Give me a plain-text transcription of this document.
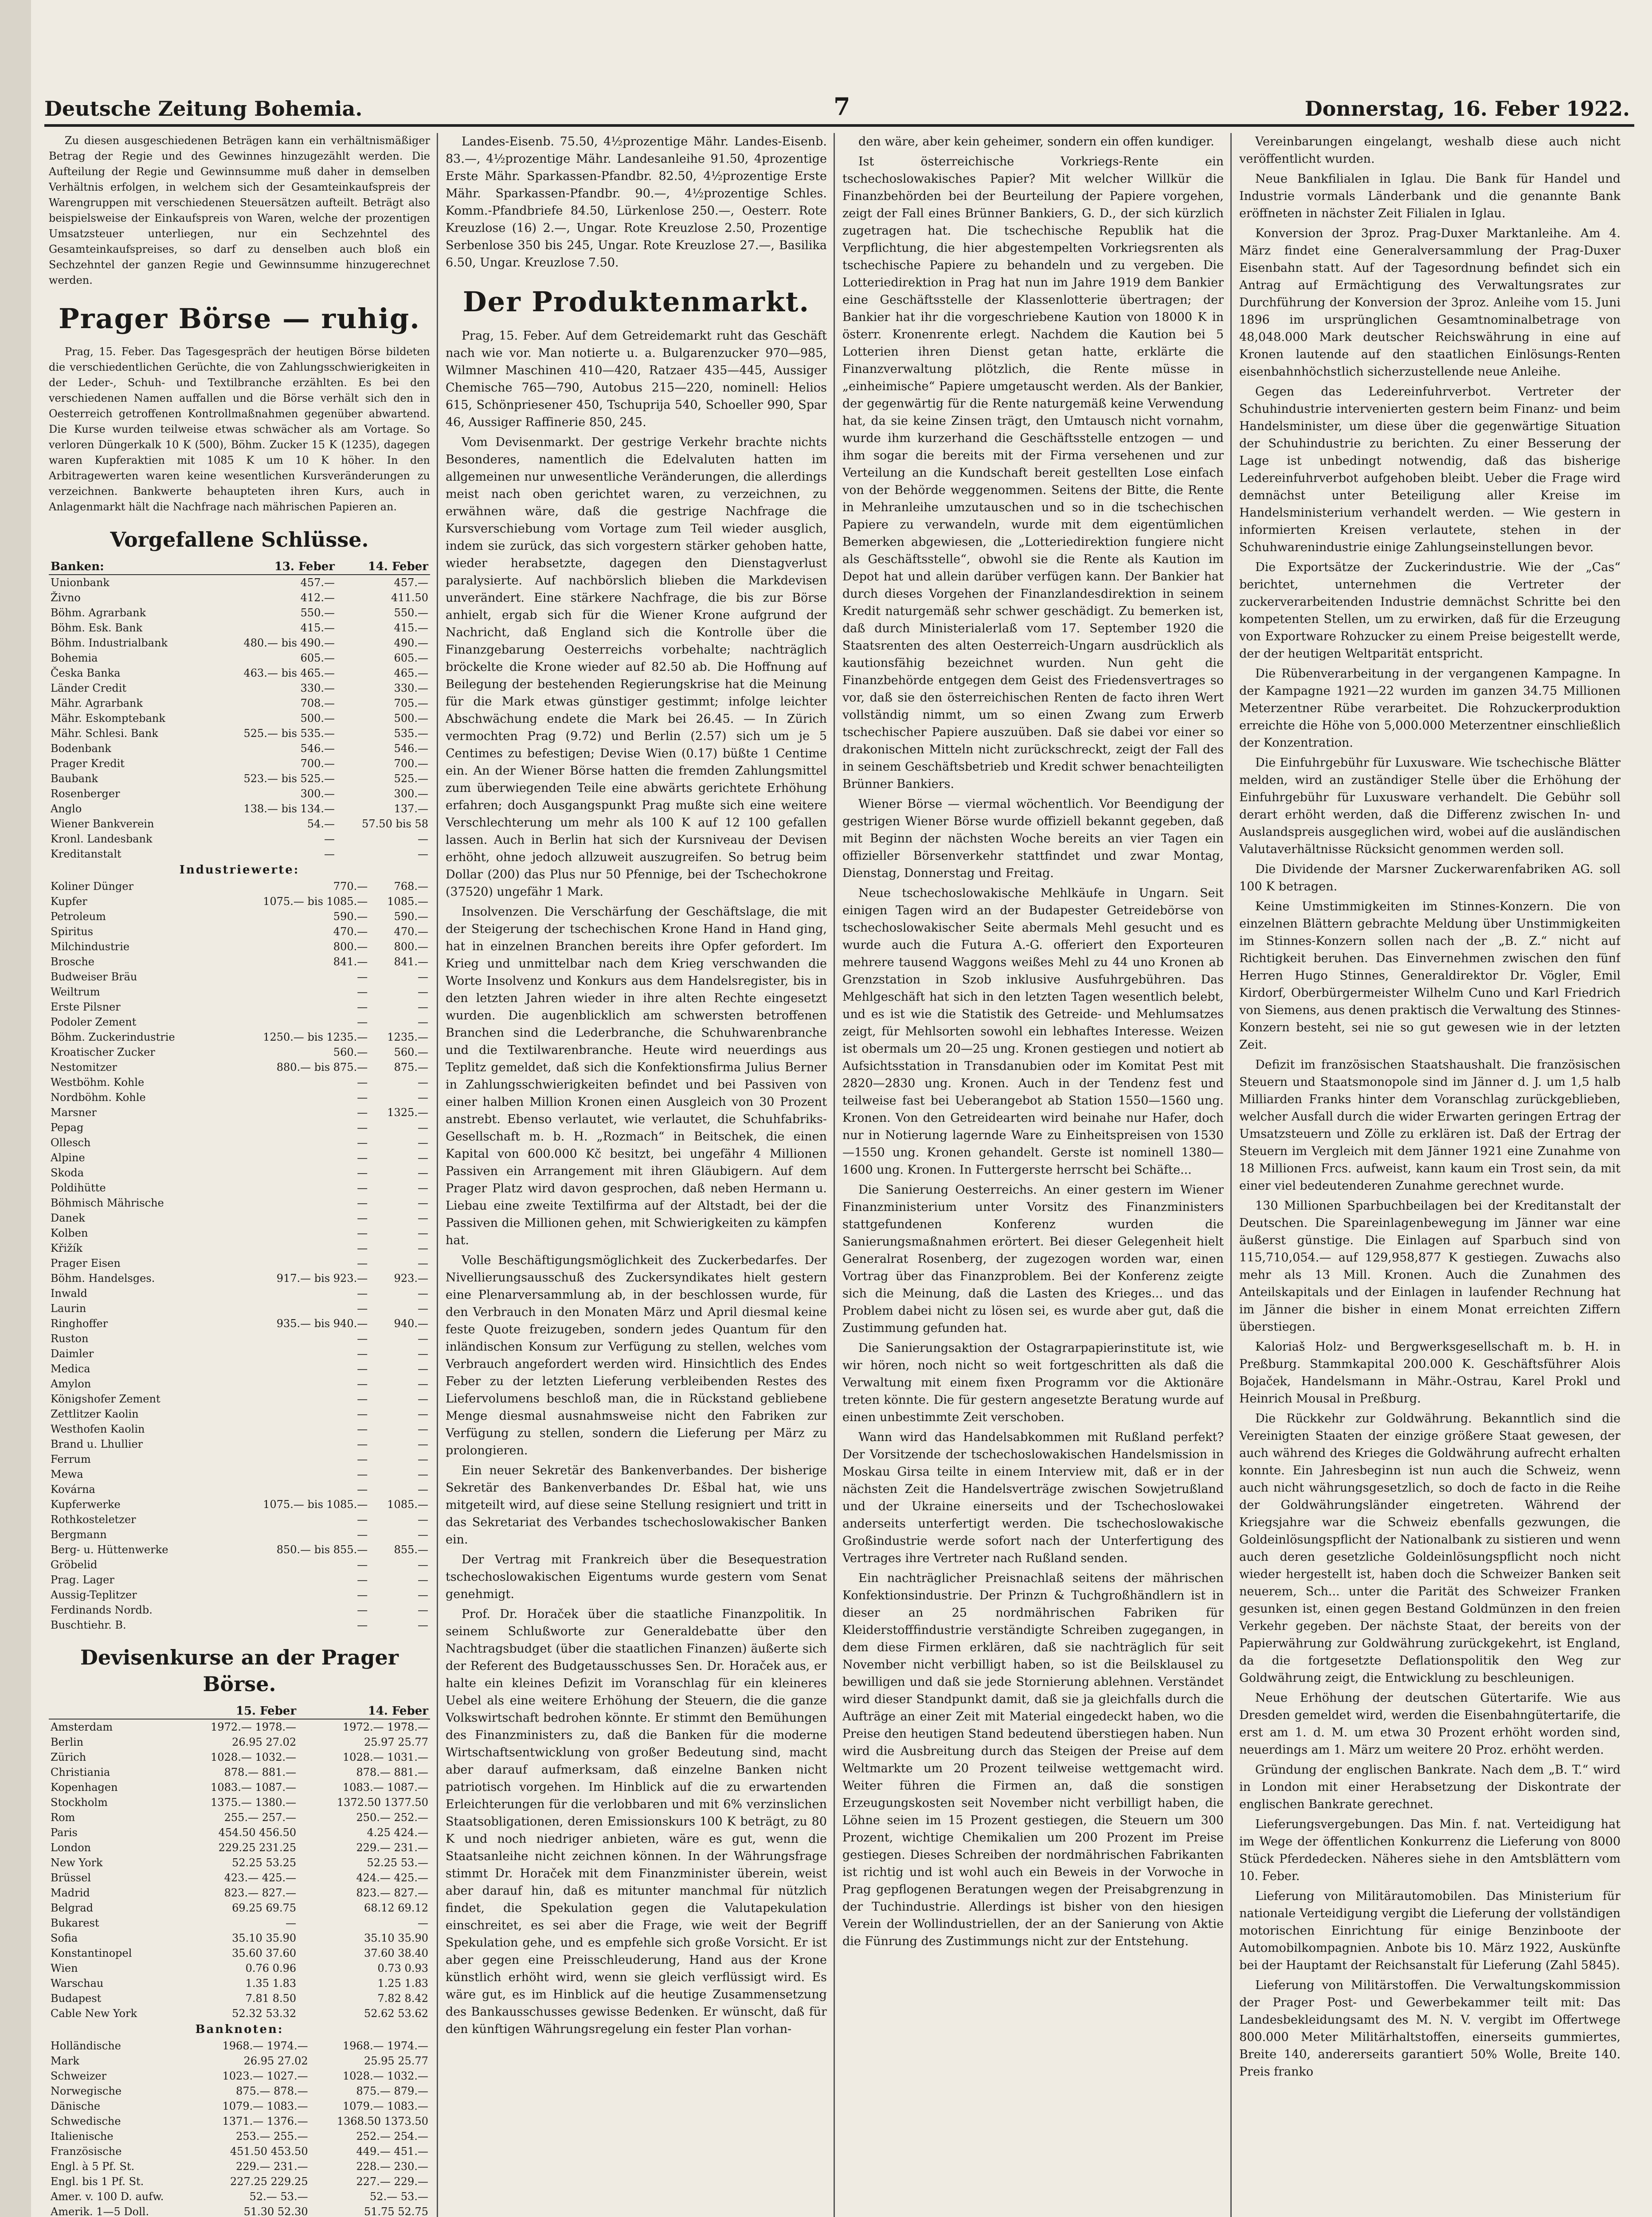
Deutsche Zeitung Bohemia.	7	Donnerstag, 16. Feber 1922.

Zu diesen ausgeschiedenen Beträgen kann ein verhältnismäßiger Betrag der Regie und des Gewinnes hinzugezählt werden. Die Aufteilung der Regie und Gewinnsumme muß daher in demselben Verhältnis erfolgen, in welchem sich der Gesamteinkaufspreis der Warengruppen mit verschiedenen Steuersätzen aufteilt. Beträgt also beispielsweise der Einkaufspreis von Waren, welche der prozentigen Umsatzsteuer unterliegen, nur ein Sechzehntel des Gesamteinkaufspreises, so darf zu denselben auch bloß ein Sechzehntel der ganzen Regie und Gewinnsumme hinzugerechnet werden.

Prager Börse — ruhig.

Prag, 15. Feber. Das Tagesgespräch der heutigen Börse bildeten die verschiedentlichen Gerüchte, die von Zahlungsschwierigkeiten in der Leder-, Schuh- und Textilbranche erzählten. Es bei den verschiedenen Namen auffallen und die Börse verhält sich den in Oesterreich getroffenen Kontrollmaßnahmen gegenüber abwartend. Die Kurse wurden teilweise etwas schwächer als am Vortage. So verloren Düngerkalk 10 K (500), Böhm. Zucker 15 K (1235), dagegen waren Kupferaktien mit 1085 K um 10 K höher. In den Arbitragewerten waren keine wesentlichen Kursveränderungen zu verzeichnen. Bankwerte behaupteten ihren Kurs, auch in Anlagenmarkt hält die Nachfrage nach mährischen Papieren an.

Vorgefallene Schlüsse.
Banken:	13. Feber	14. Feber
Unionbank	457.—	457.—
Živno	412.—	411.50
Böhm. Agrarbank	550.—	550.—
Böhm. Esk. Bank	415.—	415.—
Böhm. Industrialbank	480.— bis 490.—	490.—
Bohemia	605.—	605.—
Česka Banka	463.— bis 465.—	465.—
Länder Credit	330.—	330.—
Mähr. Agrarbank	708.—	705.—
Mähr. Eskomptebank	500.—	500.—
Mähr. Schlesi. Bank	525.— bis 535.—	535.—
Bodenbank	546.—	546.—
Prager Kredit	700.—	700.—
Baubank	523.— bis 525.—	525.—
Rosenberger	300.—	300.—
Anglo	138.— bis 134.—	137.—
Wiener Bankverein	54.—	57.50 bis 58
Kronl. Landesbank	—	—
Kreditanstalt	—	—
Industriewerte:
Koliner Dünger	770.—	768.—
Kupfer	1075.— bis 1085.—	1085.—
Petroleum	590.—	590.—
Spiritus	470.—	470.—
Milchindustrie	800.—	800.—
Brosche	841.—	841.—
Budweiser Bräu	—	—
Weiltrum	—	—
Erste Pilsner	—	—
Podoler Zement	—	—
Böhm. Zuckerindustrie	1250.— bis 1235.—	1235.—
Kroatischer Zucker	560.—	560.—
Nestomitzer	880.— bis 875.—	875.—
Westböhm. Kohle	—	—
Nordböhm. Kohle	—	—
Marsner	—	1325.—
Pepag	—	—
Ollesch	—	—
Alpine	—	—
Skoda	—	—
Poldihütte	—	—
Böhmisch Mährische	—	—
Danek	—	—
Kolben	—	—
Křižík	—	—
Prager Eisen	—	—
Böhm. Handelsges.	917.— bis 923.—	923.—
Inwald	—	—
Laurin	—	—
Ringhoffer	935.— bis 940.—	940.—
Ruston	—	—
Daimler	—	—
Medica	—	—
Amylon	—	—
Königshofer Zement	—	—
Zettlitzer Kaolin	—	—
Westhofen Kaolin	—	—
Brand u. Lhullier	—	—
Ferrum	—	—
Mewa	—	—
Kovárna	—	—
Kupferwerke	1075.— bis 1085.—	1085.—
Rothkosteletzer	—	—
Bergmann	—	—
Berg- u. Hüttenwerke	850.— bis 855.—	855.—
Gröbelid	—	—
Prag. Lager	—	—
Aussig-Teplitzer	—	—
Ferdinands Nordb.	—	—
Buschtiehr. B.	—	—
Devisenkurse an der Prager Börse.
	15. Feber	14. Feber
Amsterdam	1972.— 1978.—	1972.— 1978.—
Berlin	26.95 27.02	25.97 25.77
Zürich	1028.— 1032.—	1028.— 1031.—
Christiania	878.— 881.—	878.— 881.—
Kopenhagen	1083.— 1087.—	1083.— 1087.—
Stockholm	1375.— 1380.—	1372.50 1377.50
Rom	255.— 257.—	250.— 252.—
Paris	454.50 456.50	4.25 424.—
London	229.25 231.25	229.— 231.—
New York	52.25 53.25	52.25 53.—
Brüssel	423.— 425.—	424.— 425.—
Madrid	823.— 827.—	823.— 827.—
Belgrad	69.25 69.75	68.12 69.12
Bukarest	—	—
Sofia	35.10 35.90	35.10 35.90
Konstantinopel	35.60 37.60	37.60 38.40
Wien	0.76 0.96	0.73 0.93
Warschau	1.35 1.83	1.25 1.83
Budapest	7.81 8.50	7.82 8.42
Cable New York	52.32 53.32	52.62 53.62
Banknoten:
Holländische	1968.— 1974.—	1968.— 1974.—
Mark	26.95 27.02	25.95 25.77
Schweizer	1023.— 1027.—	1028.— 1032.—
Norwegische	875.— 878.—	875.— 879.—
Dänische	1079.— 1083.—	1079.— 1083.—
Schwedische	1371.— 1376.—	1368.50 1373.50
Italienische	253.— 255.—	252.— 254.—
Französische	451.50 453.50	449.— 451.—
Engl. à 5 Pf. St.	229.— 231.—	228.— 230.—
Engl. bis 1 Pf. St.	227.25 229.25	227.— 229.—
Amer. v. 100 D. aufw.	52.— 53.—	52.— 53.—
Amerik. 1—5 Doll.	51.30 52.30	51.75 52.75

Landes-Eisenb. 75.50, 4½prozentige Mähr. Landes-Eisenb. 83.—, 4½prozentige Mähr. Landesanleihe 91.50, 4prozentige Erste Mähr. Sparkassen-Pfandbr. 82.50, 4½prozentige Erste Mähr. Sparkassen-Pfandbr. 90.—, 4½prozentige Schles. Komm.-Pfandbriefe 84.50, Lürkenlose 250.—, Oesterr. Rote Kreuzlose (16) 2.—, Ungar. Rote Kreuzlose 2.50, Prozentige Serbenlose 350 bis 245, Ungar. Rote Kreuzlose 27.—, Basilika 6.50, Ungar. Kreuzlose 7.50.

Der Produktenmarkt.

Prag, 15. Feber. Auf dem Getreidemarkt ruht das Geschäft nach wie vor. Man notierte u. a. Bulgarenzucker 970—985, Wilmner Maschinen 410—420, Ratzaer 435—445, Aussiger Chemische 765—790, Autobus 215—220, nominell: Helios 615, Schönpriesener 450, Tschuprija 540, Schoeller 990, Spar 46, Aussiger Raffinerie 850, 245.

Vom Devisenmarkt. Der gestrige Verkehr brachte nichts Besonderes, namentlich die Edelvaluten hatten im allgemeinen nur unwesentliche Veränderungen, die allerdings meist nach oben gerichtet waren, zu verzeichnen, zu erwähnen wäre, daß die gestrige Nachfrage die Kursverschiebung vom Vortage zum Teil wieder ausglich, indem sie zurück, das sich vorgestern stärker gehoben hatte, wieder herabsetzte, dagegen den Dienstagverlust paralysierte. Auf nachbörslich blieben die Markdevisen unverändert. Eine stärkere Nachfrage, die bis zur Börse anhielt, ergab sich für die Wiener Krone aufgrund der Nachricht, daß England sich die Kontrolle über die Finanzgebarung Oesterreichs vorbehalte; nachträglich bröckelte die Krone wieder auf 82.50 ab. Die Hoffnung auf Beilegung der bestehenden Regierungskrise hat die Meinung für die Mark etwas günstiger gestimmt; infolge leichter Abschwächung endete die Mark bei 26.45. — In Zürich vermochten Prag (9.72) und Berlin (2.57) sich um je 5 Centimes zu befestigen; Devise Wien (0.17) büßte 1 Centime ein. An der Wiener Börse hatten die fremden Zahlungsmittel zum überwiegenden Teile eine abwärts gerichtete Erhöhung erfahren; doch Ausgangspunkt Prag mußte sich eine weitere Verschlechterung um mehr als 100 K auf 12 100 gefallen lassen. Auch in Berlin hat sich der Kursniveau der Devisen erhöht, ohne jedoch allzuweit auszugreifen. So betrug beim Dollar (200) das Plus nur 50 Pfennige, bei der Tschechokrone (37520) ungefähr 1 Mark.

Insolvenzen. Die Verschärfung der Geschäftslage, die mit der Steigerung der tschechischen Krone Hand in Hand ging, hat in einzelnen Branchen bereits ihre Opfer gefordert. Im Krieg und unmittelbar nach dem Krieg verschwanden die Worte Insolvenz und Konkurs aus dem Handelsregister, bis in den letzten Jahren wieder in ihre alten Rechte eingesetzt wurden. Die augenblicklich am schwersten betroffenen Branchen sind die Lederbranche, die Schuhwarenbranche und die Textilwarenbranche. Heute wird neuerdings aus Teplitz gemeldet, daß sich die Konfektionsfirma Julius Berner in Zahlungsschwierigkeiten befindet und bei Passiven von einer halben Million Kronen einen Ausgleich von 30 Prozent anstrebt. Ebenso verlautet, wie verlautet, die Schuhfabriks-Gesellschaft m. b. H. „Rozmach“ in Beitschek, die einen Kapital von 600.000 Kč besitzt, bei ungefähr 4 Millionen Passiven ein Arrangement mit ihren Gläubigern. Auf dem Prager Platz wird davon gesprochen, daß neben Hermann u. Liebau eine zweite Textilfirma auf der Altstadt, bei der die Passiven die Millionen gehen, mit Schwierigkeiten zu kämpfen hat.

Volle Beschäftigungsmöglichkeit des Zuckerbedarfes. Der Nivellierungsausschuß des Zuckersyndikates hielt gestern eine Plenarversammlung ab, in der beschlossen wurde, für den Verbrauch in den Monaten März und April diesmal keine feste Quote freizugeben, sondern jedes Quantum für den inländischen Konsum zur Verfügung zu stellen, welches vom Verbrauch angefordert werden wird. Hinsichtlich des Endes Feber zu der letzten Lieferung verbleibenden Restes des Liefervolumens beschloß man, die in Rückstand gebliebene Menge diesmal ausnahmsweise nicht den Fabriken zur Verfügung zu stellen, sondern die Lieferung per März zu prolongieren.

Ein neuer Sekretär des Bankenverbandes. Der bisherige Sekretär des Bankenverbandes Dr. Ešbal hat, wie uns mitgeteilt wird, auf diese seine Stellung resigniert und tritt in das Sekretariat des Verbandes tschechoslowakischer Banken ein.

Der Vertrag mit Frankreich über die Besequestration tschechoslowakischen Eigentums wurde gestern vom Senat genehmigt.

Prof. Dr. Horaček über die staatliche Finanzpolitik. In seinem Schlußworte zur Generaldebatte über den Nachtragsbudget (über die staatlichen Finanzen) äußerte sich der Referent des Budgetausschusses Sen. Dr. Horaček aus, er halte ein kleines Defizit im Voranschlag für ein kleineres Uebel als eine weitere Erhöhung der Steuern, die die ganze Volkswirtschaft bedrohen könnte. Er stimmt den Bemühungen des Finanzministers zu, daß die Banken für die moderne Wirtschaftsentwicklung von großer Bedeutung sind, macht aber darauf aufmerksam, daß einzelne Banken nicht patriotisch vorgehen. Im Hinblick auf die zu erwartenden Erleichterungen für die verlobbaren und mit 6% verzinslichen Staatsobligationen, deren Emissionskurs 100 K beträgt, zu 80 K und noch niedriger anbieten, wäre es gut, wenn die Staatsanleihe nicht zeichnen können. In der Währungsfrage stimmt Dr. Horaček mit dem Finanzminister überein, weist aber darauf hin, daß es mitunter manchmal für nützlich findet, die Spekulation gegen die Valutapekulation einschreitet, es sei aber die Frage, wie weit der Begriff Spekulation gehe, und es empfehle sich große Vorsicht. Er ist aber gegen eine Preisschleuderung, Hand aus der Krone künstlich erhöht wird, wenn sie gleich verflüssigt wird. Es wäre gut, es im Hinblick auf die heutige Zusammensetzung des Bankausschusses gewisse Bedenken. Er wünscht, daß für den künftigen Währungsregelung ein fester Plan vorhan-

den wäre, aber kein geheimer, sondern ein offen kundiger.

Ist österreichische Vorkriegs-Rente ein tschechoslowakisches Papier? Mit welcher Willkür die Finanzbehörden bei der Beurteilung der Papiere vorgehen, zeigt der Fall eines Brünner Bankiers, G. D., der sich kürzlich zugetragen hat. Die tschechische Republik hat die Verpflichtung, die hier abgestempelten Vorkriegsrenten als tschechische Papiere zu behandeln und zu vergeben. Die Lotteriedirektion in Prag hat nun im Jahre 1919 dem Bankier eine Geschäftsstelle der Klassenlotterie übertragen; der Bankier hat ihr die vorgeschriebene Kaution von 18000 K in österr. Kronenrente erlegt. Nachdem die Kaution bei 5 Lotterien ihren Dienst getan hatte, erklärte die Finanzverwaltung plötzlich, die Rente müsse in „einheimische“ Papiere umgetauscht werden. Als der Bankier, der gegenwärtig für die Rente naturgemäß keine Verwendung hat, da sie keine Zinsen trägt, den Umtausch nicht vornahm, wurde ihm kurzerhand die Geschäftsstelle entzogen — und ihm sogar die bereits mit der Firma versehenen und zur Verteilung an die Kundschaft bereit gestellten Lose einfach von der Behörde weggenommen. Seitens der Bitte, die Rente in Mehranleihe umzutauschen und so in die tschechischen Papiere zu verwandeln, wurde mit dem eigentümlichen Bemerken abgewiesen, die „Lotteriedirektion fungiere nicht als Geschäftsstelle“, obwohl sie die Rente als Kaution im Depot hat und allein darüber verfügen kann. Der Bankier hat durch dieses Vorgehen der Finanzlandesdirektion in seinem Kredit naturgemäß sehr schwer geschädigt. Zu bemerken ist, daß durch Ministerialerlaß vom 17. September 1920 die Staatsrenten des alten Oesterreich-Ungarn ausdrücklich als kautionsfähig bezeichnet wurden. Nun geht die Finanzbehörde entgegen dem Geist des Friedensvertrages so vor, daß sie den österreichischen Renten de facto ihren Wert vollständig nimmt, um so einen Zwang zum Erwerb tschechischer Papiere auszuüben. Daß sie dabei vor einer so drakonischen Mitteln nicht zurückschreckt, zeigt der Fall des in seinem Geschäftsbetrieb und Kredit schwer benachteiligten Brünner Bankiers.

Wiener Börse — viermal wöchentlich. Vor Beendigung der gestrigen Wiener Börse wurde offiziell bekannt gegeben, daß mit Beginn der nächsten Woche bereits an vier Tagen ein offizieller Börsenverkehr stattfindet und zwar Montag, Dienstag, Donnerstag und Freitag.

Neue tschechoslowakische Mehlkäufe in Ungarn. Seit einigen Tagen wird an der Budapester Getreidebörse von tschechoslowakischer Seite abermals Mehl gesucht und es wurde auch die Futura A.-G. offeriert den Exporteuren mehrere tausend Waggons weißes Mehl zu 44 uno Kronen ab Grenzstation in Szob inklusive Ausfuhrgebühren. Das Mehlgeschäft hat sich in den letzten Tagen wesentlich belebt, und es ist wie die Statistik des Getreide- und Mehlumsatzes zeigt, für Mehlsorten sowohl ein lebhaftes Interesse. Weizen ist obermals um 20—25 ung. Kronen gestiegen und notiert ab Aufsichtsstation in Transdanubien oder im Komitat Pest mit 2820—2830 ung. Kronen. Auch in der Tendenz fest und teilweise fast bei Ueberangebot ab Station 1550—1560 ung. Kronen. Von den Getreidearten wird beinahe nur Hafer, doch nur in Notierung lagernde Ware zu Einheitspreisen von 1530—1550 ung. Kronen gehandelt. Gerste ist nominell 1380—1600 ung. Kronen. In Futtergerste herrscht bei Schäfte...

Die Sanierung Oesterreichs. An einer gestern im Wiener Finanzministerium unter Vorsitz des Finanzministers stattgefundenen Konferenz wurden die Sanierungsmaßnahmen erörtert. Bei dieser Gelegenheit hielt Generalrat Rosenberg, der zugezogen worden war, einen Vortrag über das Finanzproblem. Bei der Konferenz zeigte sich die Meinung, daß die Lasten des Krieges... und das Problem dabei nicht zu lösen sei, es wurde aber gut, daß die Zustimmung gefunden hat.

Die Sanierungsaktion der Ostagrarpapierinstitute ist, wie wir hören, noch nicht so weit fortgeschritten als daß die Verwaltung mit einem fixen Programm vor die Aktionäre treten könnte. Die für gestern angesetzte Beratung wurde auf einen unbestimmte Zeit verschoben.

Wann wird das Handelsabkommen mit Rußland perfekt? Der Vorsitzende der tschechoslowakischen Handelsmission in Moskau Girsa teilte in einem Interview mit, daß er in der nächsten Zeit die Handelsverträge zwischen Sowjetrußland und der Ukraine einerseits und der Tschechoslowakei anderseits unterfertigt werden. Die tschechoslowakische Großindustrie werde sofort nach der Unterfertigung des Vertrages ihre Vertreter nach Rußland senden.

Ein nachträglicher Preisnachlaß seitens der mährischen Konfektionsindustrie. Der Prinzn & Tuchgroßhändlern ist in dieser an 25 nordmährischen Fabriken für Kleiderstofffindustrie verständigte Schreiben zugegangen, in dem diese Firmen erklären, daß sie nachträglich für seit November nicht verbilligt haben, so ist die Beilsklausel zu bewilligen und daß sie jede Stornierung ablehnen. Verständet wird dieser Standpunkt damit, daß sie ja gleichfalls durch die Aufträge an einer Zeit mit Material eingedeckt haben, wo die Preise den heutigen Stand bedeutend überstiegen haben. Nun wird die Ausbreitung durch das Steigen der Preise auf dem Weltmarkte um 20 Prozent teilweise wettgemacht wird. Weiter führen die Firmen an, daß die sonstigen Erzeugungskosten seit November nicht verbilligt haben, die Löhne seien im 15 Prozent gestiegen, die Steuern um 300 Prozent, wichtige Chemikalien um 200 Prozent im Preise gestiegen. Dieses Schreiben der nordmährischen Fabrikanten ist richtig und ist wohl auch ein Beweis in der Vorwoche in Prag gepflogenen Beratungen wegen der Preisabgrenzung in der Tuchindustrie. Allerdings ist bisher von den hiesigen Verein der Wollindustriellen, der an der Sanierung von Aktie die Fünrung des Zustimmungs nicht zur der Entstehung.

Vereinbarungen eingelangt, weshalb diese auch nicht veröffentlicht wurden.

Neue Bankfilialen in Iglau. Die Bank für Handel und Industrie vormals Länderbank und die genannte Bank eröffneten in nächster Zeit Filialen in Iglau.

Konversion der 3proz. Prag-Duxer Marktanleihe. Am 4. März findet eine Generalversammlung der Prag-Duxer Eisenbahn statt. Auf der Tagesordnung befindet sich ein Antrag auf Ermächtigung des Verwaltungsrates zur Durchführung der Konversion der 3proz. Anleihe vom 15. Juni 1896 im ursprünglichen Gesamtnominalbetrage von 48,048.000 Mark deutscher Reichswährung in eine auf Kronen lautende auf den staatlichen Einlösungs-Renten eisenbahnhöchstlich sicherzustellende neue Anleihe.

Gegen das Ledereinfuhrverbot. Vertreter der Schuhindustrie intervenierten gestern beim Finanz- und beim Handelsminister, um diese über die gegenwärtige Situation der Schuhindustrie zu berichten. Zu einer Besserung der Lage ist unbedingt notwendig, daß das bisherige Ledereinfuhrverbot aufgehoben bleibt. Ueber die Frage wird demnächst unter Beteiligung aller Kreise im Handelsministerium verhandelt werden. — Wie gestern in informierten Kreisen verlautete, stehen in der Schuhwarenindustrie einige Zahlungseinstellungen bevor.

Die Exportsätze der Zuckerindustrie. Wie der „Cas“ berichtet, unternehmen die Vertreter der zuckerverarbeitenden Industrie demnächst Schritte bei den kompetenten Stellen, um zu erwirken, daß für die Erzeugung von Exportware Rohzucker zu einem Preise beigestellt werde, der der heutigen Weltparität entspricht.

Die Rübenverarbeitung in der vergangenen Kampagne. In der Kampagne 1921—22 wurden im ganzen 34.75 Millionen Meterzentner Rübe verarbeitet. Die Rohzuckerproduktion erreichte die Höhe von 5,000.000 Meterzentner einschließlich der Konzentration.

Die Einfuhrgebühr für Luxusware. Wie tschechische Blätter melden, wird an zuständiger Stelle über die Erhöhung der Einfuhrgebühr für Luxusware verhandelt. Die Gebühr soll derart erhöht werden, daß die Differenz zwischen In- und Auslandspreis ausgeglichen wird, wobei auf die ausländischen Valutaverhältnisse Rücksicht genommen werden soll.

Die Dividende der Marsner Zuckerwarenfabriken AG. soll 100 K betragen.

Keine Umstimmigkeiten im Stinnes-Konzern. Die von einzelnen Blättern gebrachte Meldung über Unstimmigkeiten im Stinnes-Konzern sollen nach der „B. Z.“ nicht auf Richtigkeit beruhen. Das Einvernehmen zwischen den fünf Herren Hugo Stinnes, Generaldirektor Dr. Vögler, Emil Kirdorf, Oberbürgermeister Wilhelm Cuno und Karl Friedrich von Siemens, aus denen praktisch die Verwaltung des Stinnes-Konzern besteht, sei nie so gut gewesen wie in der letzten Zeit.

Defizit im französischen Staatshaushalt. Die französischen Steuern und Staatsmonopole sind im Jänner d. J. um 1,5 halb Milliarden Franks hinter dem Voranschlag zurückgeblieben, welcher Ausfall durch die wider Erwarten geringen Ertrag der Umsatzsteuern und Zölle zu erklären ist. Daß der Ertrag der Steuern im Vergleich mit dem Jänner 1921 eine Zunahme von 18 Millionen Frcs. aufweist, kann kaum ein Trost sein, da mit einer viel bedeutenderen Zunahme gerechnet wurde.

130 Millionen Sparbuchbeilagen bei der Kreditanstalt der Deutschen. Die Spareinlagenbewegung im Jänner war eine äußerst günstige. Die Einlagen auf Sparbuch sind von 115,710,054.— auf 129,958,877 K gestiegen. Zuwachs also mehr als 13 Mill. Kronen. Auch die Zunahmen des Anteilskapitals und der Einlagen in laufender Rechnung hat im Jänner die bisher in einem Monat erreichten Ziffern überstiegen.

Kaloriaš Holz- und Bergwerksgesellschaft m. b. H. in Preßburg. Stammkapital 200.000 K. Geschäftsführer Alois Bojaček, Handelsmann in Mähr.-Ostrau, Karel Prokl und Heinrich Mousal in Preßburg.

Die Rückkehr zur Goldwährung. Bekanntlich sind die Vereinigten Staaten der einzige größere Staat gewesen, der auch während des Krieges die Goldwährung aufrecht erhalten konnte. Ein Jahresbeginn ist nun auch die Schweiz, wenn auch nicht währungsgesetzlich, so doch de facto in die Reihe der Goldwährungsländer eingetreten. Während der Kriegsjahre war die Schweiz ebenfalls gezwungen, die Goldeinlösungspflicht der Nationalbank zu sistieren und wenn auch deren gesetzliche Goldeinlösungspflicht noch nicht wieder hergestellt ist, haben doch die Schweizer Banken seit neuerem, Sch... unter die Parität des Schweizer Franken gesunken ist, einen gegen Bestand Goldmünzen in den freien Verkehr gegeben. Der nächste Staat, der bereits von der Papierwährung zur Goldwährung zurückgekehrt, ist England, da die fortgesetzte Deflationspolitik den Weg zur Goldwährung zeigt, die Entwicklung zu beschleunigen.

Neue Erhöhung der deutschen Gütertarife. Wie aus Dresden gemeldet wird, werden die Eisenbahngütertarife, die erst am 1. d. M. um etwa 30 Prozent erhöht worden sind, neuerdings am 1. März um weitere 20 Proz. erhöht werden.

Gründung der englischen Bankrate. Nach dem „B. T.“ wird in London mit einer Herabsetzung der Diskontrate der englischen Bankrate gerechnet.

Lieferungsvergebungen. Das Min. f. nat. Verteidigung hat im Wege der öffentlichen Konkurrenz die Lieferung von 8000 Stück Pferdedecken. Näheres siehe in den Amtsblättern vom 10. Feber.

Lieferung von Militärautomobilen. Das Ministerium für nationale Verteidigung vergibt die Lieferung der vollständigen motorischen Einrichtung für einige Benzinboote der Automobilkompagnien. Anbote bis 10. März 1922, Auskünfte bei der Hauptamt der Reichsanstalt für Lieferung (Zahl 5845).

Lieferung von Militärstoffen. Die Verwaltungskommission der Prager Post- und Gewerbekammer teilt mit: Das Landesbekleidungsamt des M. N. V. vergibt im Offertwege 800.000 Meter Militärhaltstoffen, einerseits gummiertes, Breite 140, andererseits garantiert 50% Wolle, Breite 140. Preis franko
